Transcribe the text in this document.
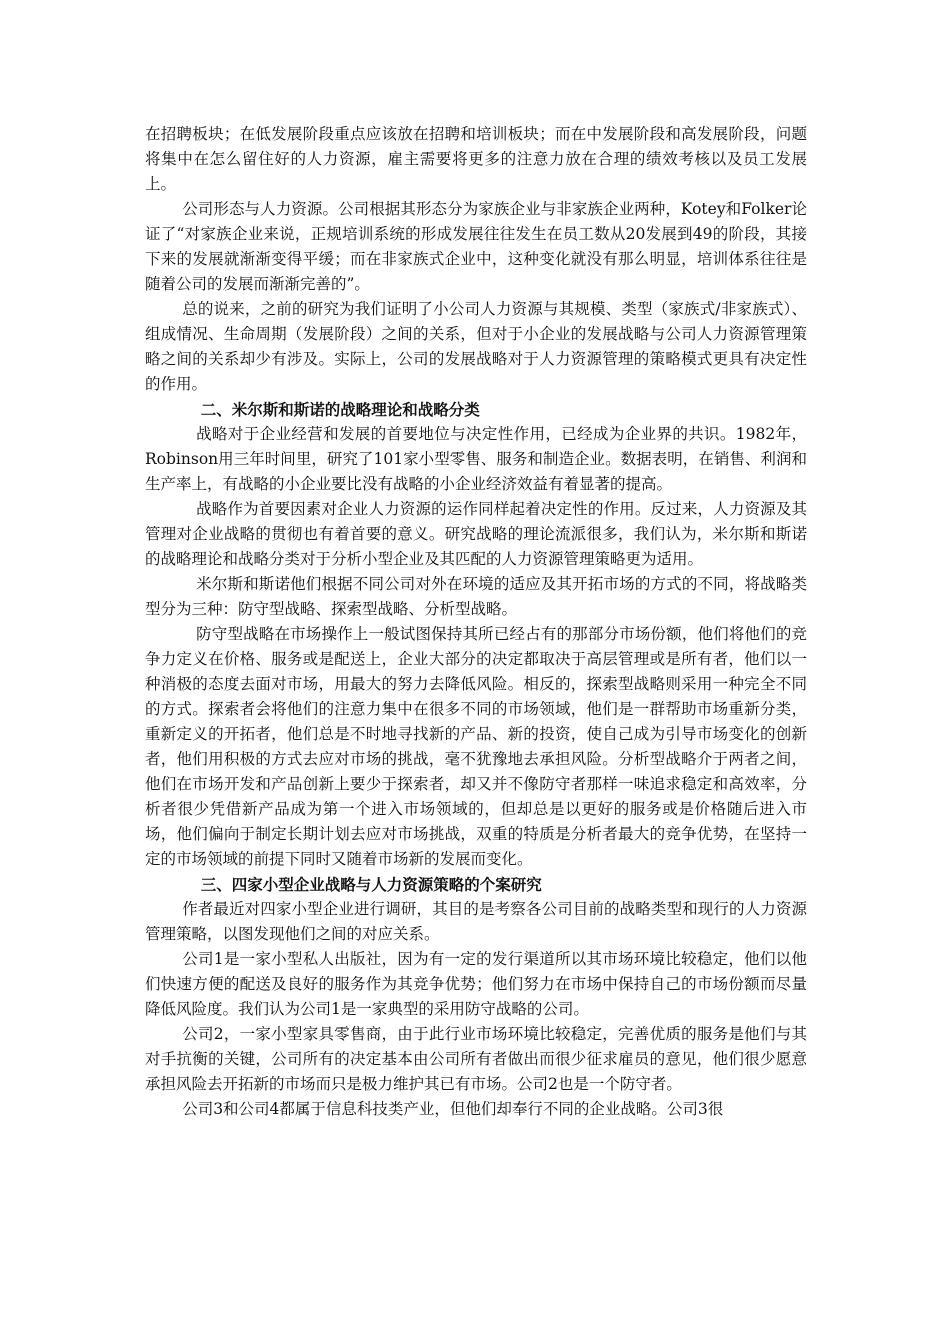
在招聘板块；在低发展阶段重点应该放在招聘和培训板块；而在中发展阶段和高发展阶段，问题将集中在怎么留住好的人力资源，雇主需要将更多的注意力放在合理的绩效考核以及员工发展上。

公司形态与人力资源。公司根据其形态分为家族企业与非家族企业两种，Kotey和Folker论证了“对家族企业来说，正规培训系统的形成发展往往发生在员工数从20发展到49的阶段，其接下来的发展就渐渐变得平缓；而在非家族式企业中，这种变化就没有那么明显，培训体系往往是随着公司的发展而渐渐完善的”。

总的说来，之前的研究为我们证明了小公司人力资源与其规模、类型（家族式/非家族式）、组成情况、生命周期（发展阶段）之间的关系，但对于小企业的发展战略与公司人力资源管理策略之间的关系却少有涉及。实际上，公司的发展战略对于人力资源管理的策略模式更具有决定性的作用。

二、米尔斯和斯诺的战略理论和战略分类

战略对于企业经营和发展的首要地位与决定性作用，已经成为企业界的共识。1982年，Robinson用三年时间里，研究了101家小型零售、服务和制造企业。数据表明，在销售、利润和生产率上，有战略的小企业要比没有战略的小企业经济效益有着显著的提高。

战略作为首要因素对企业人力资源的运作同样起着决定性的作用。反过来，人力资源及其管理对企业战略的贯彻也有着首要的意义。研究战略的理论流派很多，我们认为，米尔斯和斯诺的战略理论和战略分类对于分析小型企业及其匹配的人力资源管理策略更为适用。

米尔斯和斯诺他们根据不同公司对外在环境的适应及其开拓市场的方式的不同，将战略类型分为三种：防守型战略、探索型战略、分析型战略。

防守型战略在市场操作上一般试图保持其所已经占有的那部分市场份额，他们将他们的竞争力定义在价格、服务或是配送上，企业大部分的决定都取决于高层管理或是所有者，他们以一种消极的态度去面对市场，用最大的努力去降低风险。相反的，探索型战略则采用一种完全不同的方式。探索者会将他们的注意力集中在很多不同的市场领域，他们是一群帮助市场重新分类，重新定义的开拓者，他们总是不时地寻找新的产品、新的投资，使自己成为引导市场变化的创新者，他们用积极的方式去应对市场的挑战，毫不犹豫地去承担风险。分析型战略介于两者之间，他们在市场开发和产品创新上要少于探索者，却又并不像防守者那样一味追求稳定和高效率，分析者很少凭借新产品成为第一个进入市场领域的，但却总是以更好的服务或是价格随后进入市场，他们偏向于制定长期计划去应对市场挑战，双重的特质是分析者最大的竞争优势，在坚持一定的市场领域的前提下同时又随着市场新的发展而变化。

三、四家小型企业战略与人力资源策略的个案研究

作者最近对四家小型企业进行调研，其目的是考察各公司目前的战略类型和现行的人力资源管理策略，以图发现他们之间的对应关系。

公司1是一家小型私人出版社，因为有一定的发行渠道所以其市场环境比较稳定，他们以他们快速方便的配送及良好的服务作为其竞争优势；他们努力在市场中保持自己的市场份额而尽量降低风险度。我们认为公司1是一家典型的采用防守战略的公司。

公司2，一家小型家具零售商，由于此行业市场环境比较稳定，完善优质的服务是他们与其对手抗衡的关键，公司所有的决定基本由公司所有者做出而很少征求雇员的意见，他们很少愿意承担风险去开拓新的市场而只是极力维护其已有市场。公司2也是一个防守者。

公司3和公司4都属于信息科技类产业，但他们却奉行不同的企业战略。公司3很
